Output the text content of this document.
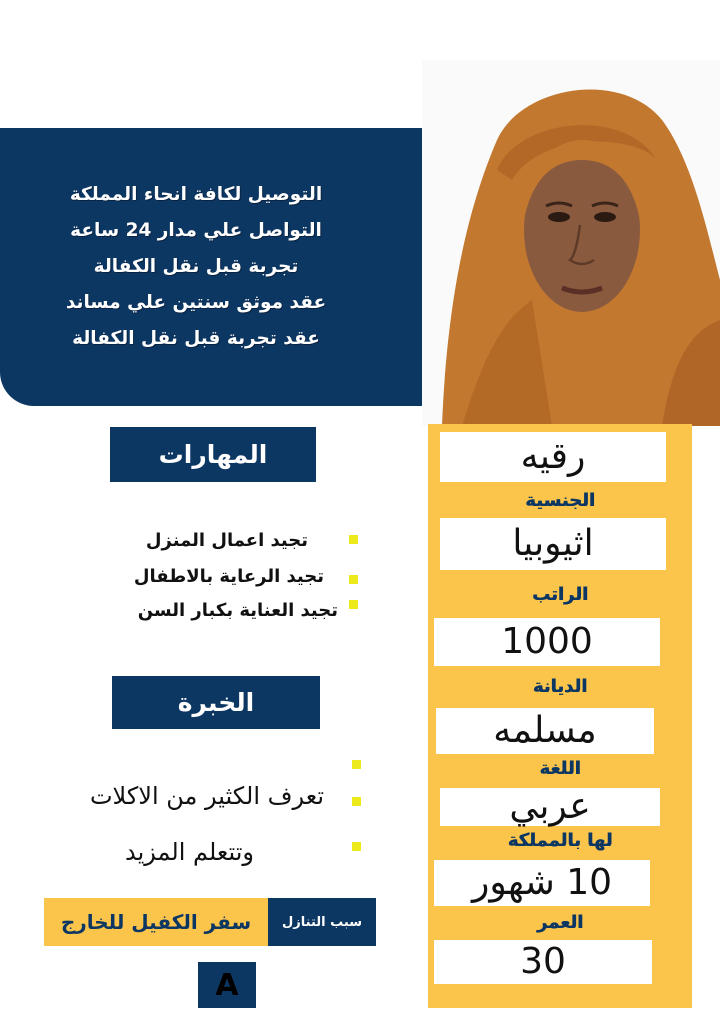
التوصيل لكافة انحاء المملكة
التواصل علي مدار 24 ساعة
تجربة قبل نقل الكفالة
عقد موثق سنتين علي مساند
عقد تجربة قبل نقل الكفالة
رقيه
الجنسية
اثيوبيا
الراتب
1000
الديانة
مسلمه
اللغة
عربي
لها بالمملكة
10 شهور
العمر
30
المهارات
تجيد اعمال المنزل
تجيد الرعاية بالاطفال
تجيد العناية بكبار السن
الخبرة
تعرف الكثير من الاكلات
وتتعلم المزيد
سفر الكفيل للخارج	سبب التنازل
A
